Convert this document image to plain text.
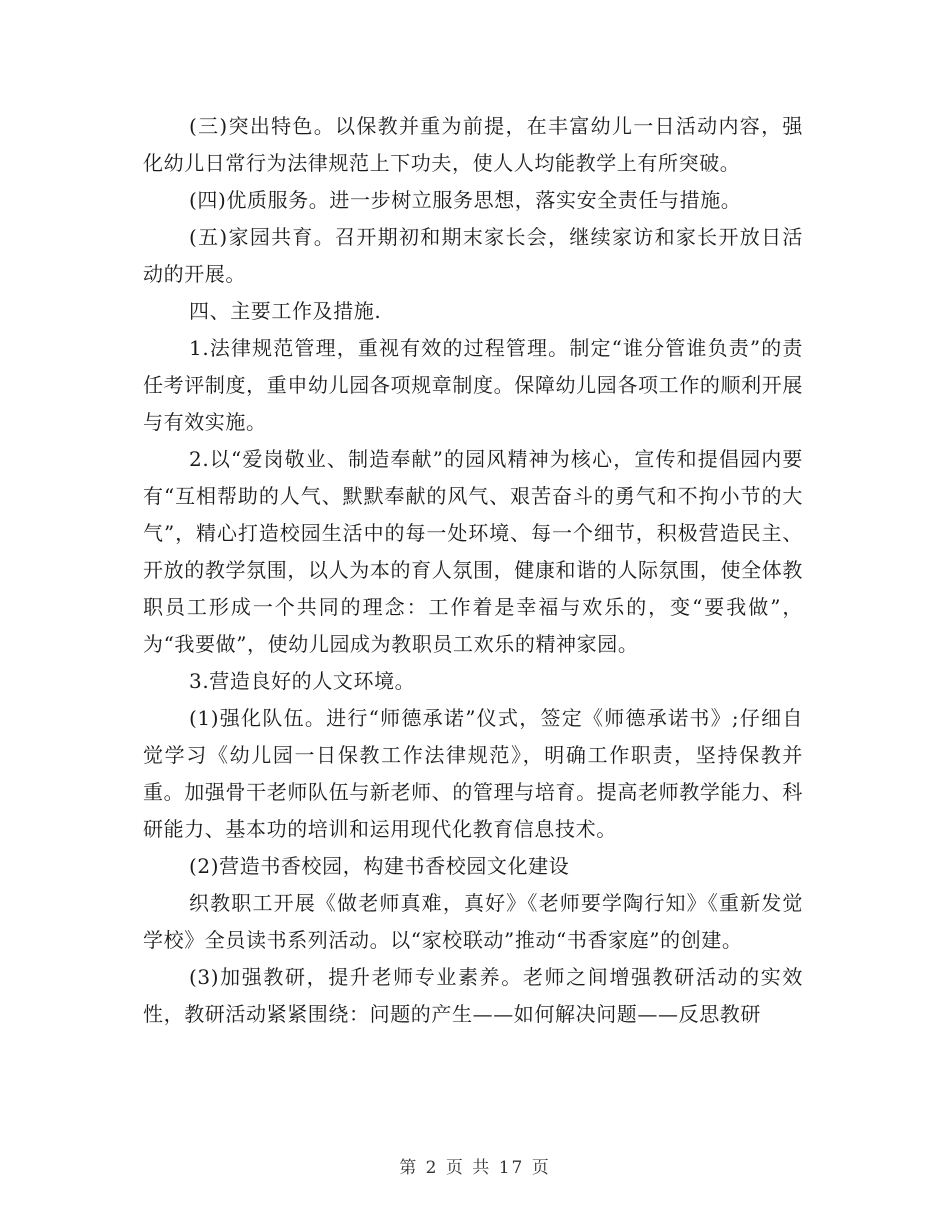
(三)突出特色。以保教并重为前提，在丰富幼儿一日活动内容，强化幼儿日常行为法律规范上下功夫，使人人均能教学上有所突破。

(四)优质服务。进一步树立服务思想，落实安全责任与措施。

(五)家园共育。召开期初和期末家长会，继续家访和家长开放日活动的开展。

四、主要工作及措施.

1.法律规范管理，重视有效的过程管理。制定“谁分管谁负责”的责任考评制度，重申幼儿园各项规章制度。保障幼儿园各项工作的顺利开展与有效实施。

2.以“爱岗敬业、制造奉献”的园风精神为核心，宣传和提倡园内要有“互相帮助的人气、默默奉献的风气、艰苦奋斗的勇气和不拘小节的大气”，精心打造校园生活中的每一处环境、每一个细节，积极营造民主、开放的教学氛围，以人为本的育人氛围，健康和谐的人际氛围，使全体教职员工形成一个共同的理念：工作着是幸福与欢乐的，变“要我做”，为“我要做”，使幼儿园成为教职员工欢乐的精神家园。

3.营造良好的人文环境。

(1)强化队伍。进行“师德承诺”仪式，签定《师德承诺书》;仔细自觉学习《幼儿园一日保教工作法律规范》，明确工作职责，坚持保教并重。加强骨干老师队伍与新老师、的管理与培育。提高老师教学能力、科研能力、基本功的培训和运用现代化教育信息技术。

(2)营造书香校园，构建书香校园文化建设

织教职工开展《做老师真难，真好》《老师要学陶行知》《重新发觉学校》全员读书系列活动。以“家校联动”推动“书香家庭”的创建。

(3)加强教研，提升老师专业素养。老师之间增强教研活动的实效性，教研活动紧紧围绕：问题的产生——如何解决问题——反思教研

第 2 页 共 17 页
